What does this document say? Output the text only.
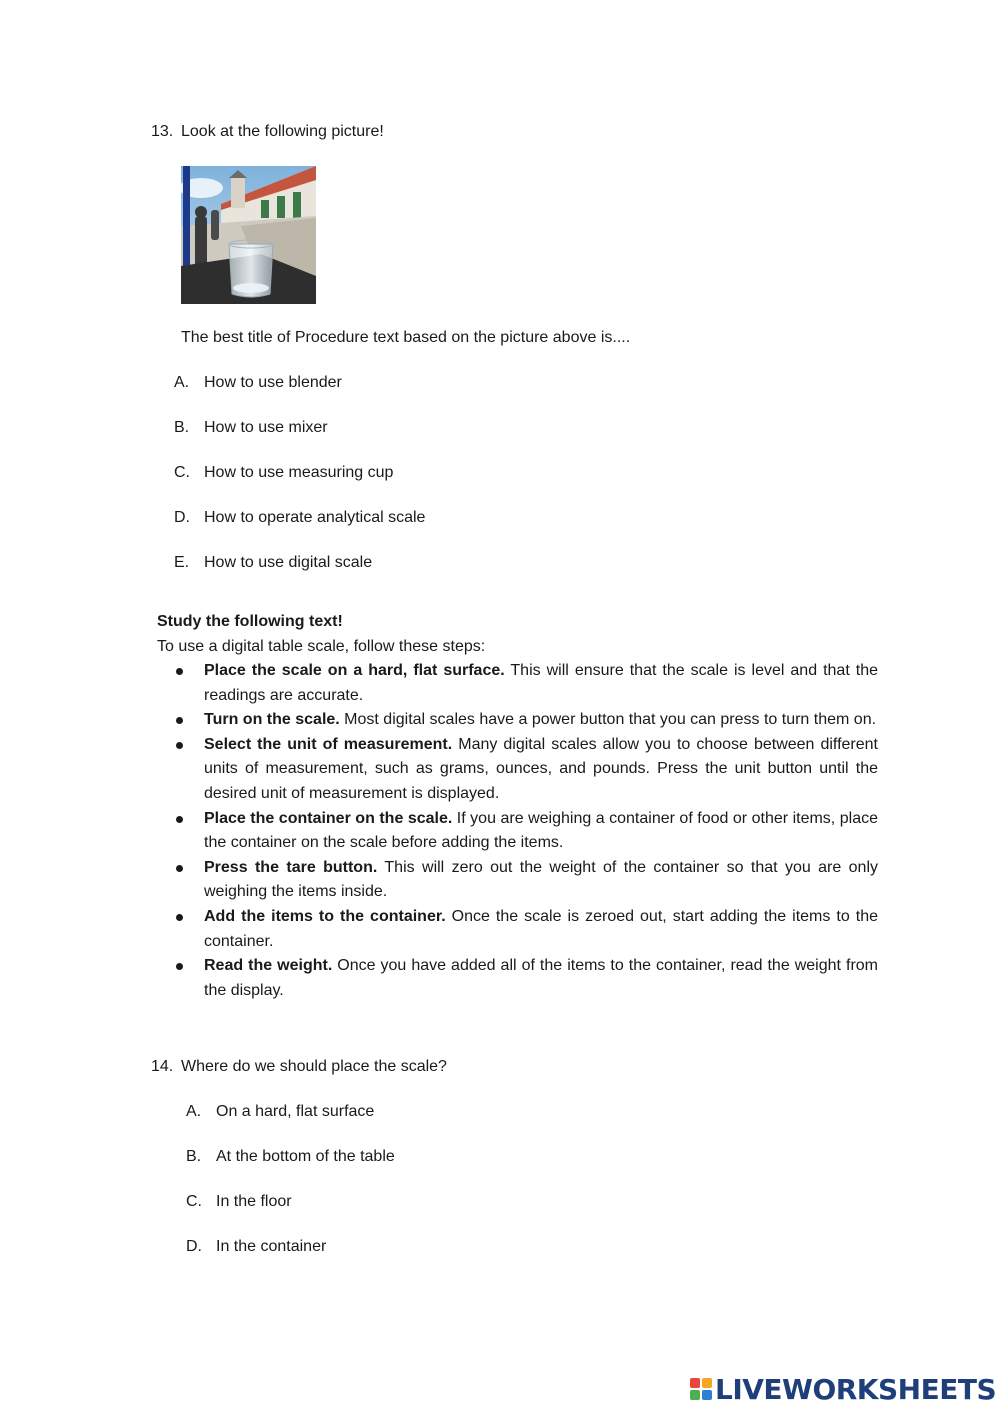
13. Look at the following picture!
The best title of Procedure text based on the picture above is....
A. How to use blender
B. How to use mixer
C. How to use measuring cup
D. How to operate analytical scale
E. How to use digital scale
Study the following text!
To use a digital table scale, follow these steps:

Place the scale on a hard, flat surface. This will ensure that the scale is level and that the readings are accurate.

Turn on the scale. Most digital scales have a power button that you can press to turn them on.

Select the unit of measurement. Many digital scales allow you to choose between different units of measurement, such as grams, ounces, and pounds. Press the unit button until the desired unit of measurement is displayed.

Place the container on the scale. If you are weighing a container of food or other items, place the container on the scale before adding the items.

Press the tare button. This will zero out the weight of the container so that you are only weighing the items inside.

Add the items to the container. Once the scale is zeroed out, start adding the items to the container.

Read the weight. Once you have added all of the items to the container, read the weight from the display.

14. Where do we should place the scale?
A. On a hard, flat surface
B. At the bottom of the table
C. In the floor
D. In the container
LIVEWORKSHEETS
